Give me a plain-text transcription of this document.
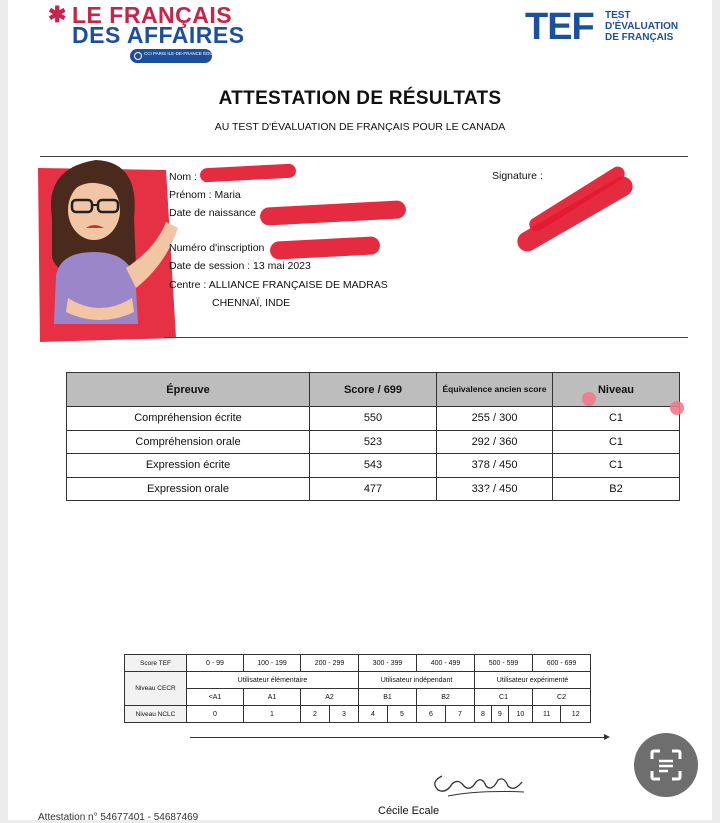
✱ LE FRANÇAIS
DES AFFAIRES
CCI PARIS ILE-DE-FRANCE ÉDUCATION
TEF TEST
D'ÉVALUATION
DE FRANÇAIS
ATTESTATION DE RÉSULTATS
AU TEST D'ÉVALUATION DE FRANÇAIS POUR LE CANADA
Nom :
Prénom : Maria
Date de naissance
Numéro d'inscription
Date de session : 13 mai 2023
Centre : ALLIANCE FRANÇAISE DE MADRAS
CHENNAÏ, INDE
Signature :
Épreuve	Score / 699	Équivalence ancien score	Niveau
Compréhension écrite	550	255 / 300	C1
Compréhension orale	523	292 / 360	C1
Expression écrite	543	378 / 450	C1
Expression orale	477	33? / 450	B2
Score TEF	0 - 99	100 - 199	200 - 299		300 - 399		400 - 499		500 - 599			600 - 699	
Niveau CECR	Utilisateur élémentaire				Utilisateur indépendant				Utilisateur expérimenté				
	<A1	A1	A2		B1		B2		C1			C2	
Niveau NCLC	0	1	2	3	4	5	6	7	8	9	10	11	12
Cécile Ecale
Attestation n° 54677401 - 54687469
